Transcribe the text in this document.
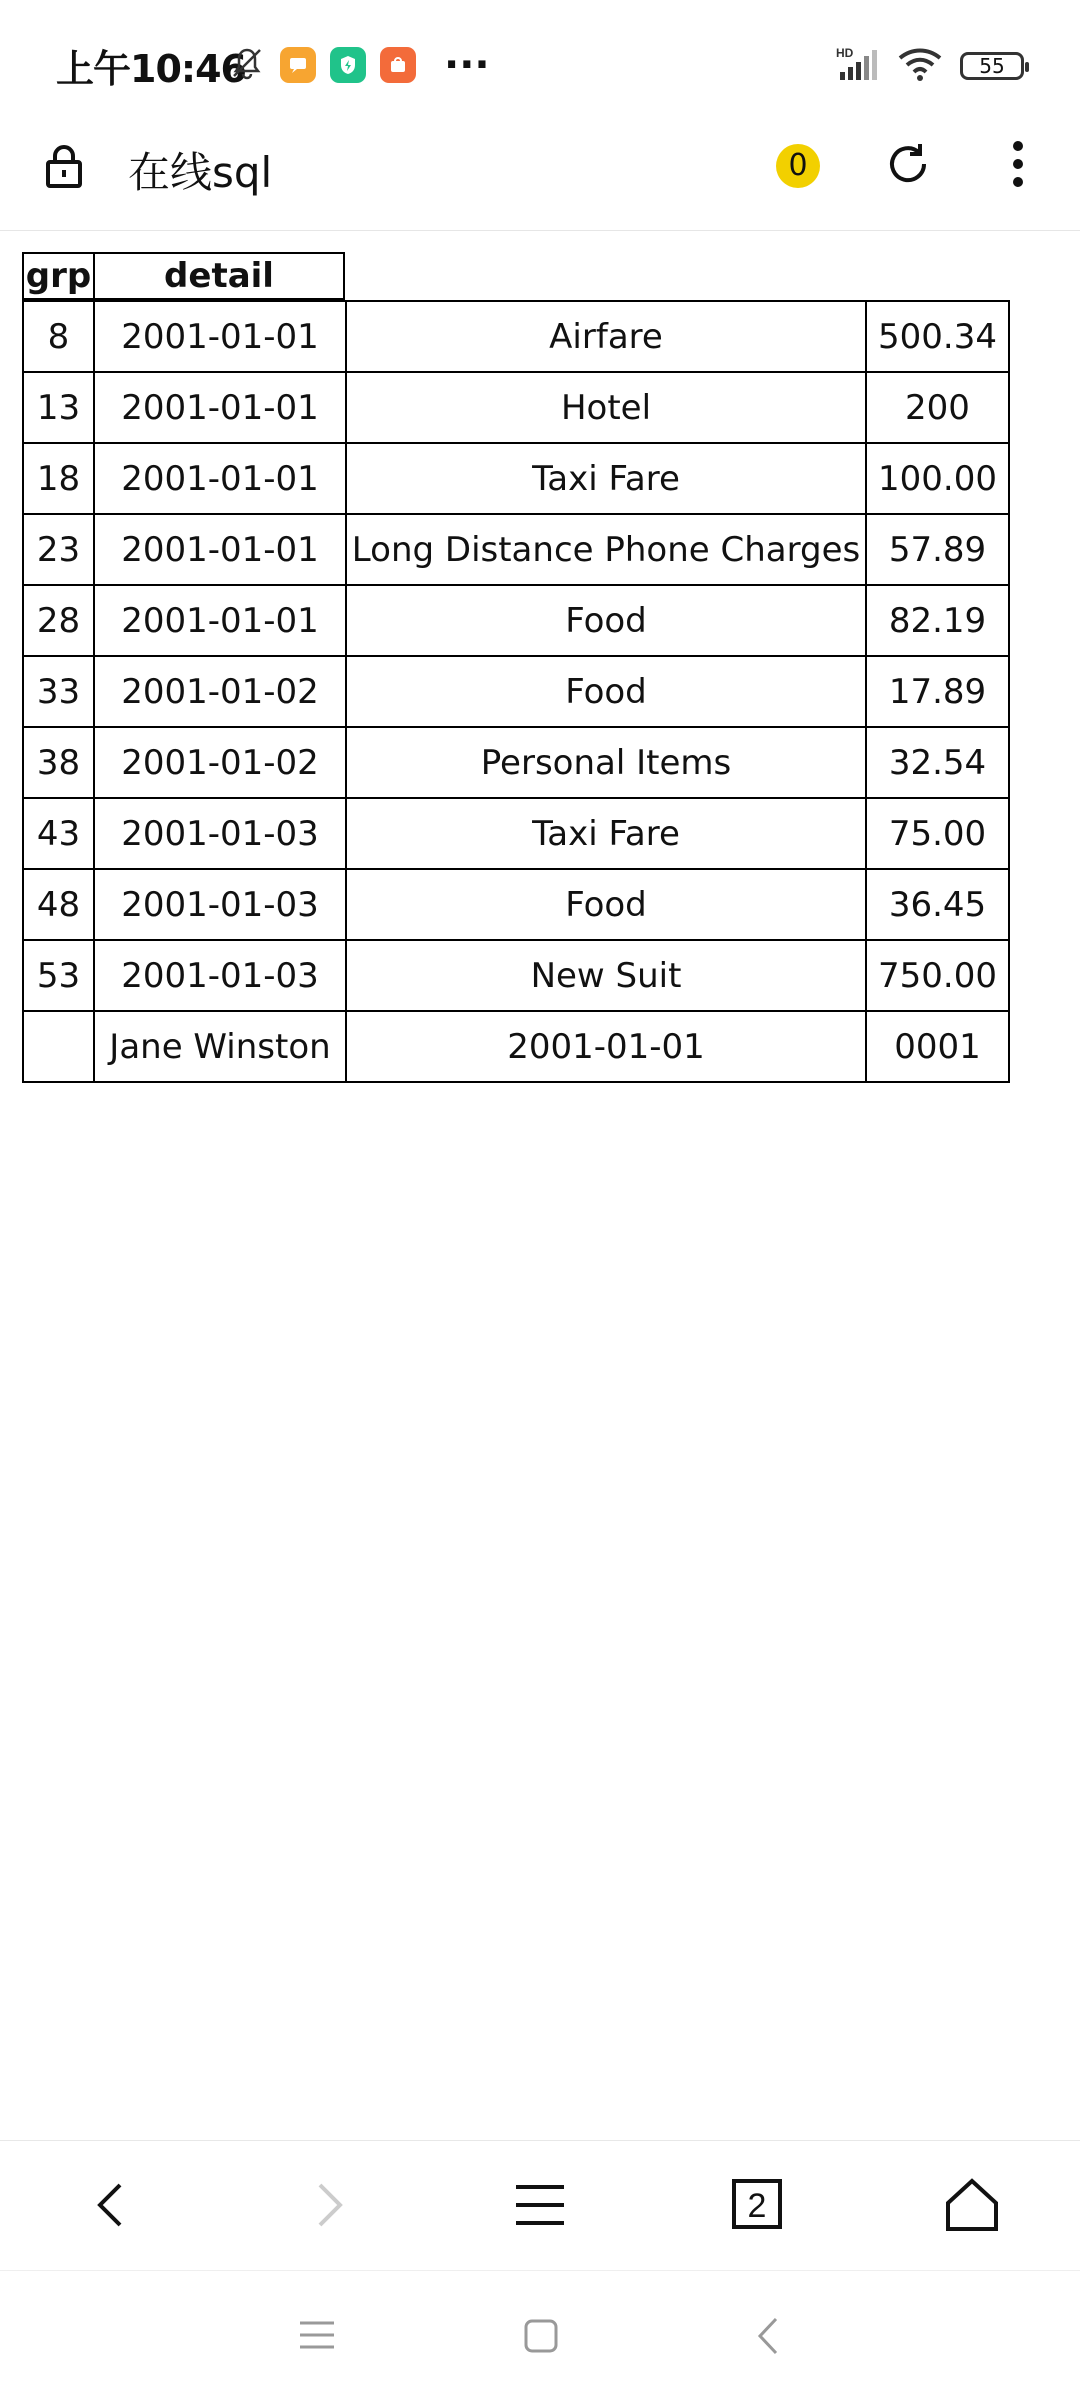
上午10:46	···	HD
55
在线sql	0
grp	detail
8	2001-01-01	Airfare	500.34
13	2001-01-01	Hotel	200
18	2001-01-01	Taxi Fare	100.00
23	2001-01-01	Long Distance Phone Charges	57.89
28	2001-01-01	Food	82.19
33	2001-01-02	Food	17.89
38	2001-01-02	Personal Items	32.54
43	2001-01-03	Taxi Fare	75.00
48	2001-01-03	Food	36.45
53	2001-01-03	New Suit	750.00
	Jane Winston	2001-01-01	0001
2
